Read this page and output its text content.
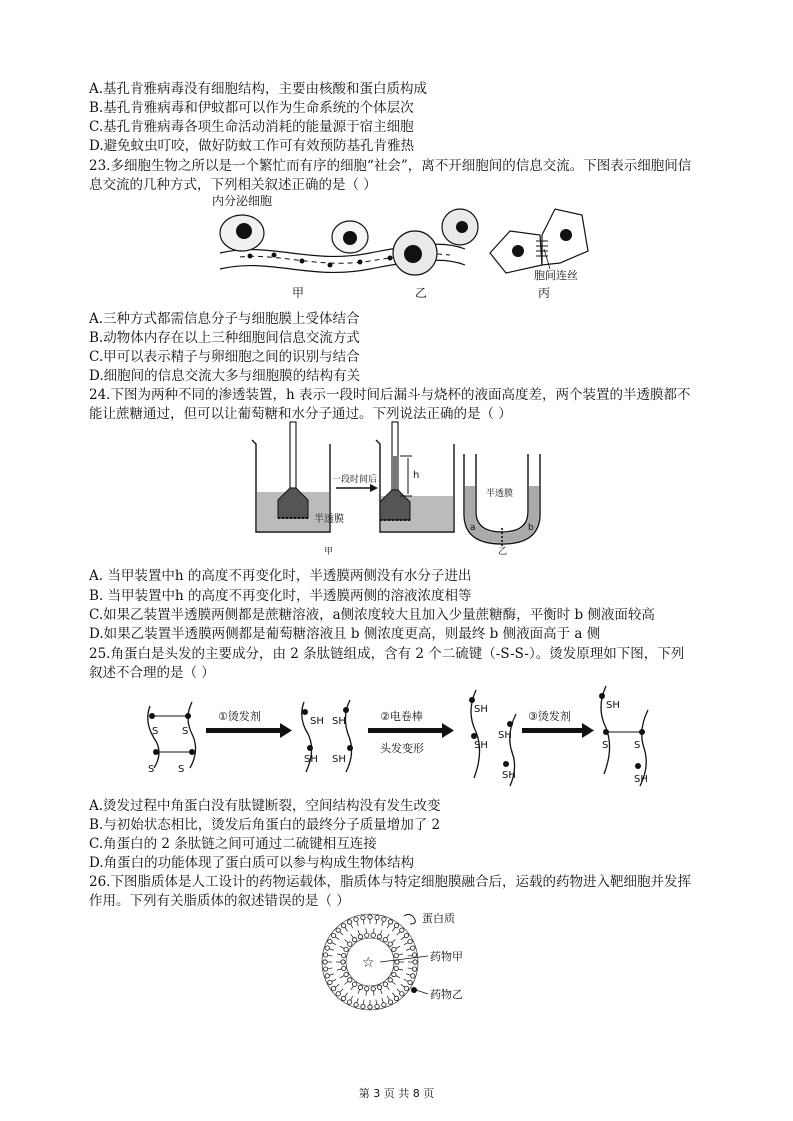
A.基孔肯雅病毒没有细胞结构，主要由核酸和蛋白质构成
B.基孔肯雅病毒和伊蚊都可以作为生命系统的个体层次
C.基孔肯雅病毒各项生命活动消耗的能量源于宿主细胞
D.避免蚊虫叮咬，做好防蚊工作可有效预防基孔肯雅热
23.多细胞生物之所以是一个繁忙而有序的细胞“社会”，离不开细胞间的信息交流。下图表示细胞间信
息交流的几种方式，下列相关叙述正确的是（ ）
内分泌细胞
胞间连丝
甲	乙	丙
A.三种方式都需信息分子与细胞膜上受体结合
B.动物体内存在以上三种细胞间信息交流方式
C.甲可以表示精子与卵细胞之间的识别与结合
D.细胞间的信息交流大多与细胞膜的结构有关
24.下图为两种不同的渗透装置，h 表示一段时间后漏斗与烧杯的液面高度差，两个装置的半透膜都不
能让蔗糖通过，但可以让葡萄糖和水分子通过。下列说法正确的是（ ）
一段时间后	h
半透膜
甲
半透膜
a	b
乙
A. 当甲装置中h 的高度不再变化时，半透膜两侧没有水分子进出
B. 当甲装置中h 的高度不再变化时，半透膜两侧的溶液浓度相等
C.如果乙装置半透膜两侧都是蔗糖溶液，a侧浓度较大且加入少量蔗糖酶，平衡时 b 侧液面较高
D.如果乙装置半透膜两侧都是葡萄糖溶液且 b 侧浓度更高，则最终 b 侧液面高于 a 侧
25.角蛋白是头发的主要成分，由 2 条肽链组成，含有 2 个二硫键（-S-S-）。烫发原理如下图，下列
叙述不合理的是（ ）
S S
S S
①烫发剂	SH SH
SH SH
②电卷棒
头发变形
SH
SH
SH
SH
③烫发剂
SH
S	S
SH
A.烫发过程中角蛋白没有肽键断裂，空间结构没有发生改变
B.与初始状态相比，烫发后角蛋白的最终分子质量增加了 2
C.角蛋白的 2 条肽链之间可通过二硫键相互连接
D.角蛋白的功能体现了蛋白质可以参与构成生物体结构
26.下图脂质体是人工设计的药物运载体，脂质体与特定细胞膜融合后，运载的药物进入靶细胞并发挥
作用。下列有关脂质体的叙述错误的是（ ）
☆
蛋白质
药物甲
药物乙
第 3 页 共 8 页
